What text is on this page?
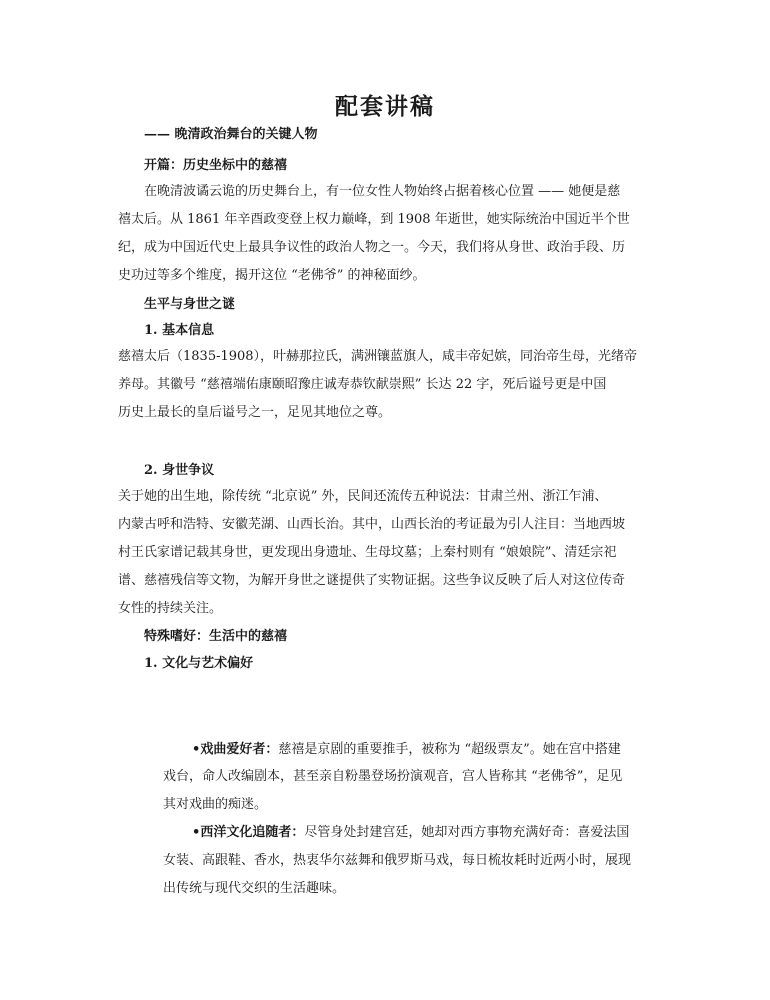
配套讲稿

—— 晚清政治舞台的关键人物

开篇：历史坐标中的慈禧

在晚清波谲云诡的历史舞台上，有一位女性人物始终占据着核心位置 —— 她便是慈

禧太后。从 1861 年辛酉政变登上权力巅峰，到 1908 年逝世，她实际统治中国近半个世

纪，成为中国近代史上最具争议性的政治人物之一。今天，我们将从身世、政治手段、历

史功过等多个维度，揭开这位 “老佛爷” 的神秘面纱。

生平与身世之谜

1. 基本信息

慈禧太后（1835-1908），叶赫那拉氏，满洲镶蓝旗人，咸丰帝妃嫔，同治帝生母，光绪帝

养母。其徽号 “慈禧端佑康颐昭豫庄诚寿恭钦献崇熙” 长达 22 字，死后谥号更是中国

历史上最长的皇后谥号之一，足见其地位之尊。

2. 身世争议

关于她的出生地，除传统 “北京说” 外，民间还流传五种说法：甘肃兰州、浙江乍浦、

内蒙古呼和浩特、安徽芜湖、山西长治。其中，山西长治的考证最为引人注目：当地西坡

村王氏家谱记载其身世，更发现出身遗址、生母坟墓；上秦村则有 “娘娘院”、清廷宗祀

谱、慈禧残信等文物，为解开身世之谜提供了实物证据。这些争议反映了后人对这位传奇

女性的持续关注。

特殊嗜好：生活中的慈禧

1. 文化与艺术偏好

•戏曲爱好者：慈禧是京剧的重要推手，被称为 “超级票友”。她在宫中搭建

戏台，命人改编剧本，甚至亲自粉墨登场扮演观音，宫人皆称其 “老佛爷”，足见

其对戏曲的痴迷。

•西洋文化追随者：尽管身处封建宫廷，她却对西方事物充满好奇：喜爱法国

女装、高跟鞋、香水，热衷华尔兹舞和俄罗斯马戏，每日梳妆耗时近两小时，展现

出传统与现代交织的生活趣味。
